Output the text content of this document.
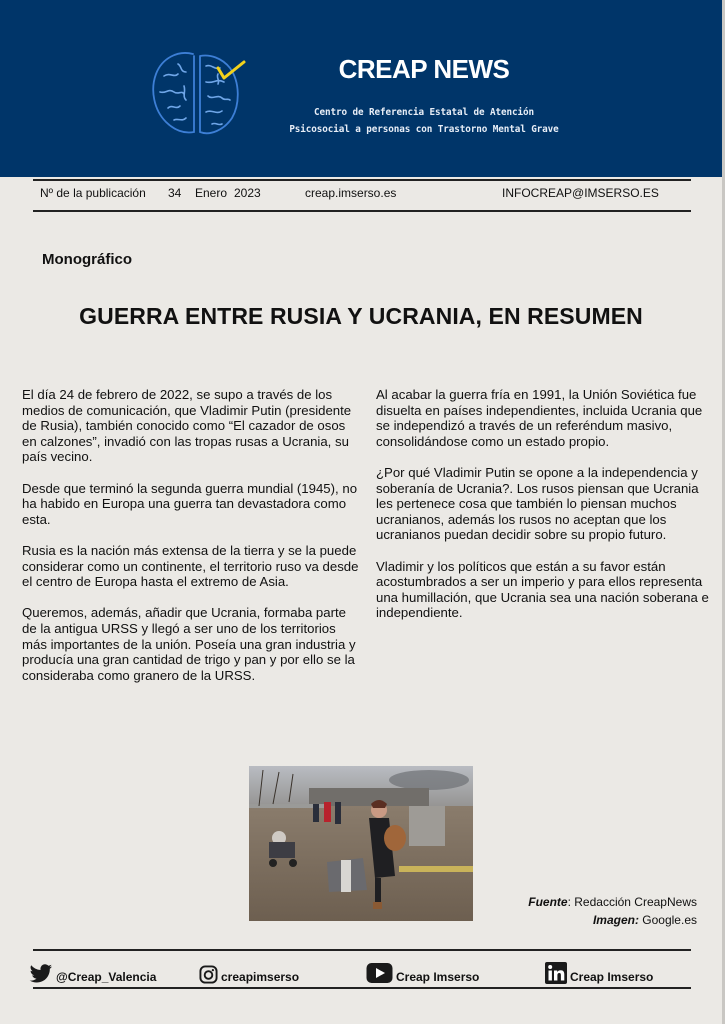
CREAP NEWS
Centro de Referencia Estatal de Atención
Psicosocial a personas con Trastorno Mental Grave
Nº de la publicación 34 Enero 2023	creap.imserso.es	INFOCREAP@IMSERSO.ES
Monográfico
GUERRA ENTRE RUSIA Y UCRANIA, EN RESUMEN

El día 24 de febrero de 2022, se supo a través de los medios de comunicación, que Vladimir Putin (presidente de Rusia), también conocido como “El cazador de osos en calzones”, invadió con las tropas rusas a Ucrania, su país vecino.

Desde que terminó la segunda guerra mundial (1945), no ha habido en Europa una guerra tan devastadora como esta.

Rusia es la nación más extensa de la tierra y se la puede considerar como un continente, el territorio ruso va desde el centro de Europa hasta el extremo de Asia.

Queremos, además, añadir que Ucrania, formaba parte de la antigua URSS y llegó a ser uno de los territorios más importantes de la unión. Poseía una gran industria y producía una gran cantidad de trigo y pan y por ello se la consideraba como granero de la URSS.

Al acabar la guerra fría en 1991, la Unión Soviética fue disuelta en países independientes, incluida Ucrania que se independizó a través de un referéndum masivo, consolidándose como un estado propio.

¿Por qué Vladimir Putin se opone a la independencia y soberanía de Ucrania?. Los rusos piensan que Ucrania les pertenece cosa que también lo piensan muchos ucranianos, además los rusos no aceptan que los ucranianos puedan decidir sobre su propio futuro.

Vladimir y los políticos que están a su favor están acostumbrados a ser un imperio y para ellos representa una humillación, que Ucrania sea una nación soberana e independiente.

Fuente: Redacción CreapNews
Imagen: Google.es
@Creap_Valencia	creapimserso	Creap Imserso	Creap Imserso
